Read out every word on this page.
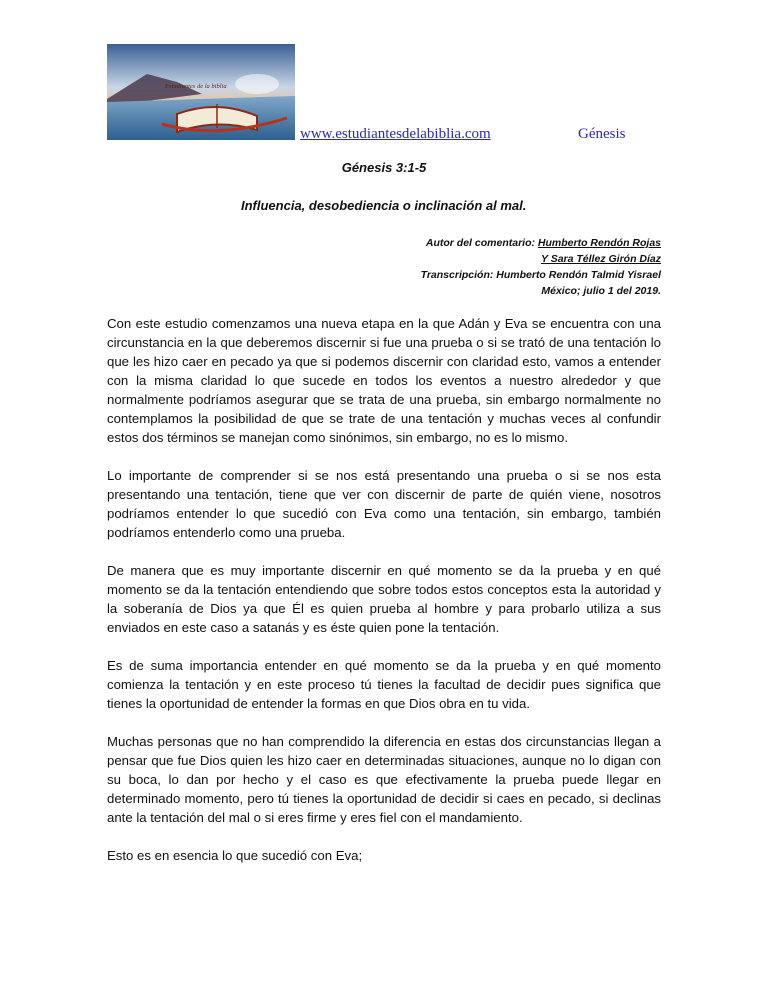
Estudiantes de la biblia
www.estudiantesdelabiblia.com	Génesis
Génesis 3:1-5
Influencia, desobediencia o inclinación al mal.
Autor del comentario: Humberto Rendón Rojas
Y Sara Téllez Girón Díaz
Transcripción: Humberto Rendón Talmid Yisrael
México; julio 1 del 2019.

Con este estudio comenzamos una nueva etapa en la que Adán y Eva se encuentra con una circunstancia en la que deberemos discernir si fue una prueba o si se trató de una tentación lo que les hizo caer en pecado ya que si podemos discernir con claridad esto, vamos a entender con la misma claridad lo que sucede en todos los eventos a nuestro alrededor y que normalmente podríamos asegurar que se trata de una prueba, sin embargo normalmente no contemplamos la posibilidad de que se trate de una tentación y muchas veces al confundir estos dos términos se manejan como sinónimos, sin embargo, no es lo mismo.

Lo importante de comprender si se nos está presentando una prueba o si se nos esta presentando una tentación, tiene que ver con discernir de parte de quién viene, nosotros podríamos entender lo que sucedió con Eva como una tentación, sin embargo, también podríamos entenderlo como una prueba.

De manera que es muy importante discernir en qué momento se da la prueba y en qué momento se da la tentación entendiendo que sobre todos estos conceptos esta la autoridad y la soberanía de Dios ya que Él es quien prueba al hombre y para probarlo utiliza a sus enviados en este caso a satanás y es éste quien pone la tentación.

Es de suma importancia entender en qué momento se da la prueba y en qué momento comienza la tentación y en este proceso tú tienes la facultad de decidir pues significa que tienes la oportunidad de entender la formas en que Dios obra en tu vida.

Muchas personas que no han comprendido la diferencia en estas dos circunstancias llegan a pensar que fue Dios quien les hizo caer en determinadas situaciones, aunque no lo digan con su boca, lo dan por hecho y el caso es que efectivamente la prueba puede llegar en determinado momento, pero tú tienes la oportunidad de decidir si caes en pecado, si declinas ante la tentación del mal o si eres firme y eres fiel con el mandamiento.

Esto es en esencia lo que sucedió con Eva;
